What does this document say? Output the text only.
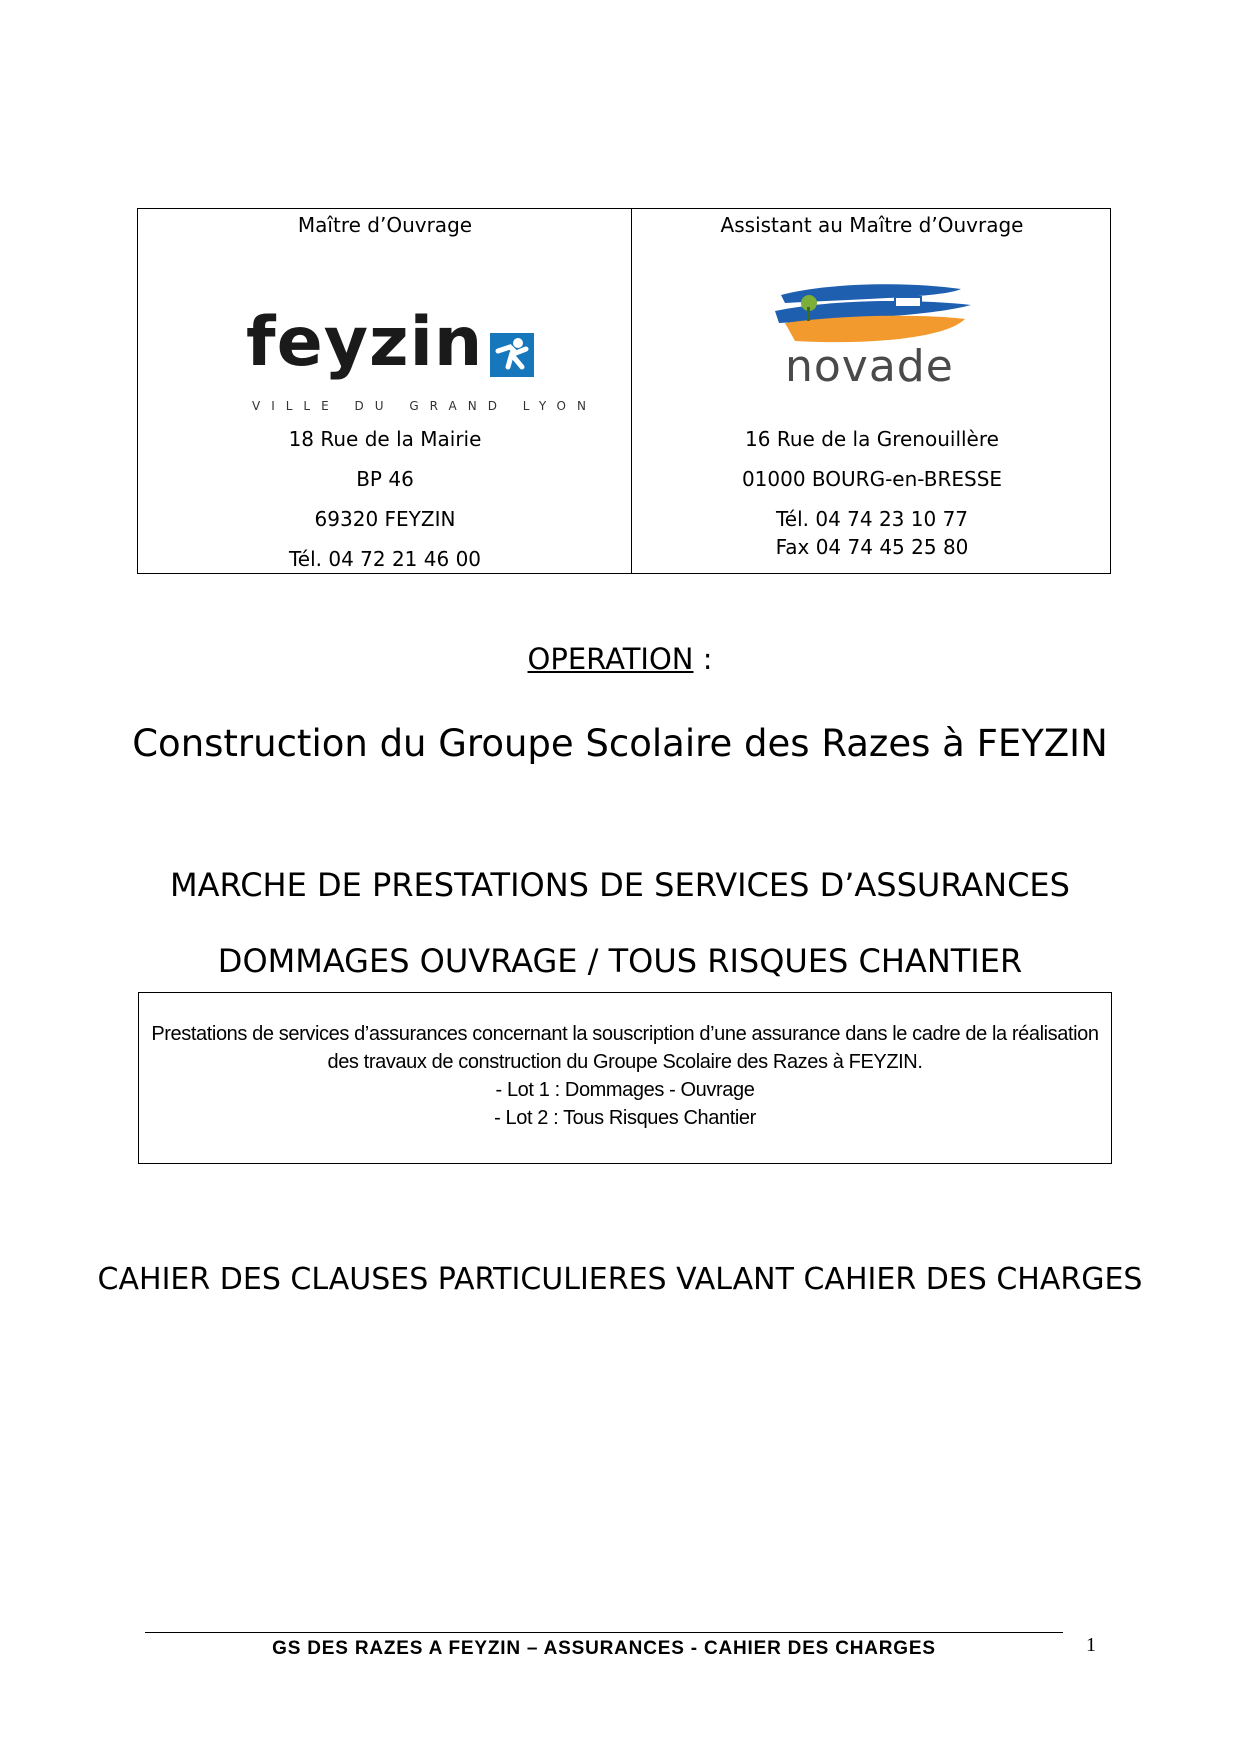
Maître d’Ouvrage
feyzin
VILLE DU GRAND LYON
18 Rue de la Mairie
BP 46
69320 FEYZIN
Tél. 04 72 21 46 00
Assistant au Maître d’Ouvrage
novade
16 Rue de la Grenouillère
01000 BOURG-en-BRESSE
Tél. 04 74 23 10 77
Fax 04 74 45 25 80
OPERATION :
Construction du Groupe Scolaire des Razes à FEYZIN
MARCHE DE PRESTATIONS DE SERVICES D’ASSURANCES
DOMMAGES OUVRAGE / TOUS RISQUES CHANTIER
Prestations de services d’assurances concernant la souscription d’une assurance dans le cadre de la réalisation
des travaux de construction du Groupe Scolaire des Razes à FEYZIN.
- Lot 1 : Dommages - Ouvrage
- Lot 2 : Tous Risques Chantier
CAHIER DES CLAUSES PARTICULIERES VALANT CAHIER DES CHARGES
GS DES RAZES A FEYZIN – ASSURANCES - CAHIER DES CHARGES	1
